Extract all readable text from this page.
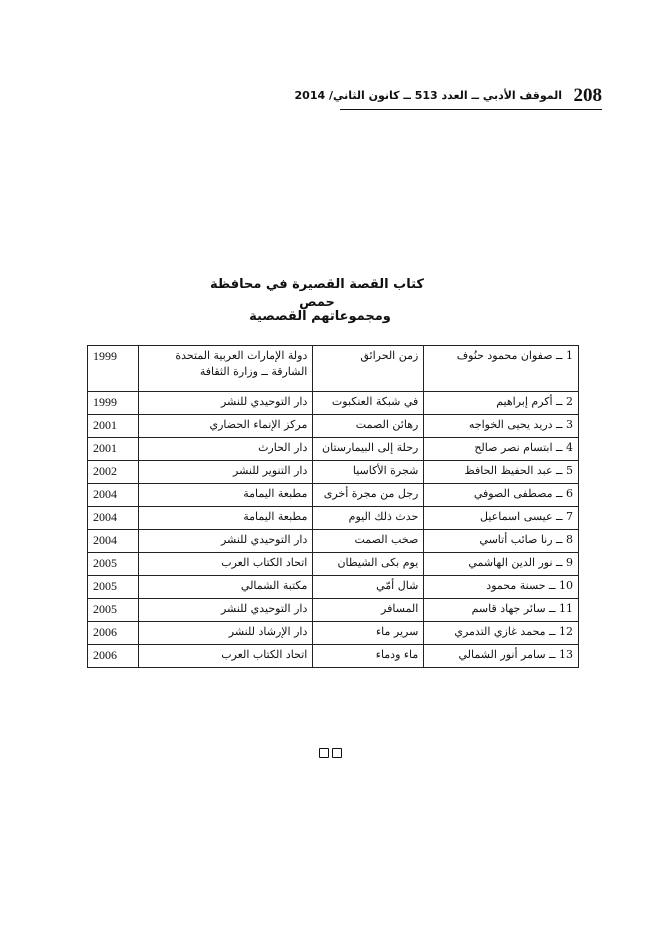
208
الموقف الأدبي ــ العدد 513 ــ كانون الثاني/ 2014
كتاب القصة القصيرة في محافظة حمص
ومجموعاتهم القصصية
1 ــ صفوان محمود حنُوف	زمن الحرائق	دولة الإمارات العربية المتحدة الشارقة ــ وزارة الثقافة	1999
2 ــ أكرم إبراهيم	في شبكة العنكبوت	دار التوحيدي للنشر	1999
3 ــ دريد يحيى الخواجه	رهائن الصمت	مركز الإنماء الحضاري	2001
4 ــ ابتسام نصر صالح	رحلة إلى البيمارستان	دار الحارث	2001
5 ــ عبد الحفيظ الحافظ	شجرة الأكاسيا	دار التنوير للنشر	2002
6 ــ مصطفى الصوفي	رجل من مجرة أخرى	مطبعة اليمامة	2004
7 ــ عيسى اسماعيل	حدث ذلك اليوم	مطبعة اليمامة	2004
8 ــ رنا صائب أتاسي	صخب الصمت	دار التوحيدي للنشر	2004
9 ــ نور الدين الهاشمي	يوم بكى الشيطان	اتحاد الكتاب العرب	2005
10 ــ حسنة محمود	شال أمّي	مكتبة الشمالي	2005
11 ــ سائر جهاد قاسم	المسافر	دار التوحيدي للنشر	2005
12 ــ محمد غازي التدمري	سرير ماء	دار الإرشاد للنشر	2006
13 ــ سامر أنور الشمالي	ماء ودماء	اتحاد الكتاب العرب	2006
